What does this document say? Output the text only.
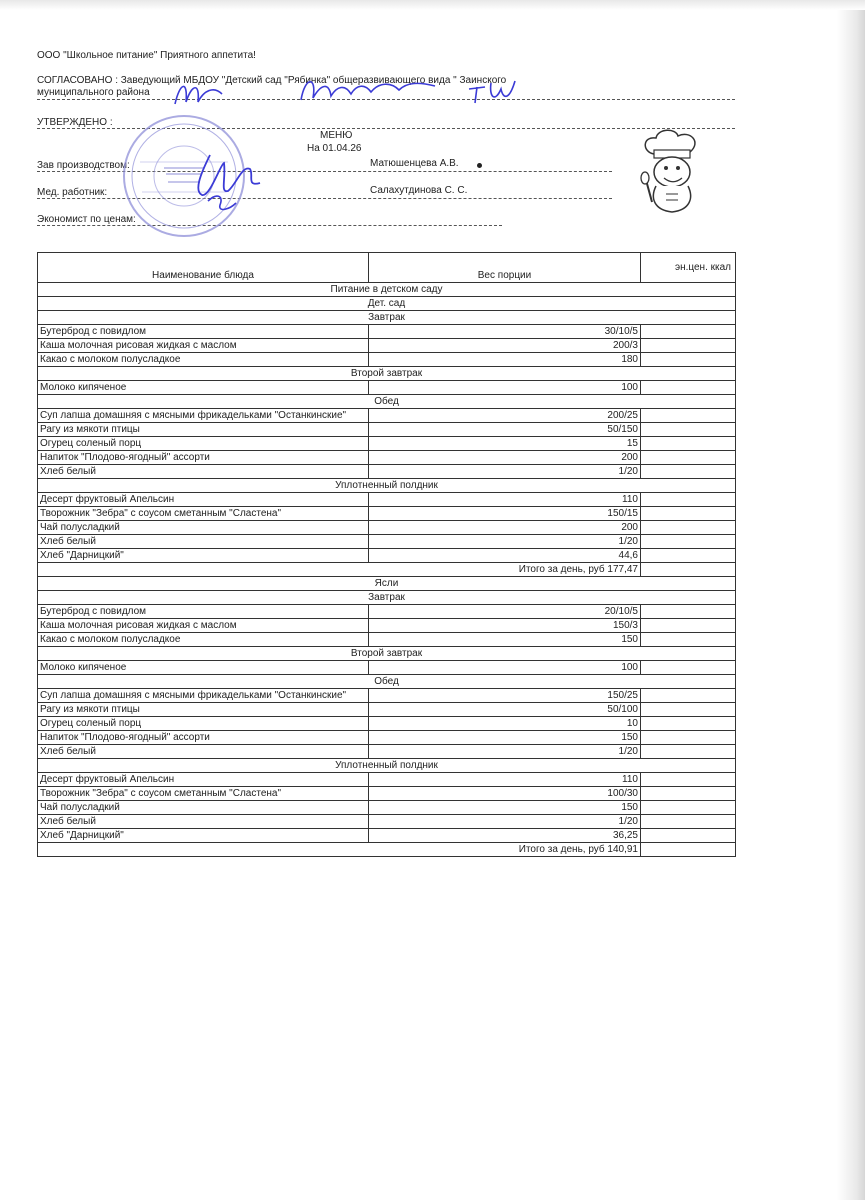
ООО "Школьное питание" Приятного аппетита!
СОГЛАСОВАНО : Заведующий МБДОУ "Детский сад "Рябинка" общеразвивающего вида " Заинского
муниципального района
УТВЕРЖДЕНО :
МЕНЮ
На 01.04.26
Зав производством:	Матюшенцева А.В.
Мед. работник:	Салахутдинова С. С.
Экономист по ценам:
Наименование блюда	Вес порции	эн.цен. ккал
Питание в детском саду		
Дет. сад		
Завтрак		
Бутерброд с повидлом	30/10/5	
Каша молочная рисовая жидкая с маслом	200/3	
Какао с молоком полусладкое	180	
Второй завтрак		
Молоко кипяченое	100	
Обед		
Суп лапша домашняя с мясными фрикадельками "Останкинские"	200/25	
Рагу из мякоти птицы	50/150	
Огурец соленый порц	15	
Напиток "Плодово-ягодный" ассорти	200	
Хлеб белый	1/20	
Уплотненный полдник		
Десерт фруктовый Апельсин	110	
Творожник "Зебра" с соусом сметанным "Сластена"	150/15	
Чай полусладкий	200	
Хлеб белый	1/20	
Хлеб "Дарницкий"	44,6	
Итого за день, руб 177,47		
Ясли		
Завтрак		
Бутерброд с повидлом	20/10/5	
Каша молочная рисовая жидкая с маслом	150/3	
Какао с молоком полусладкое	150	
Второй завтрак		
Молоко кипяченое	100	
Обед		
Суп лапша домашняя с мясными фрикадельками "Останкинские"	150/25	
Рагу из мякоти птицы	50/100	
Огурец соленый порц	10	
Напиток "Плодово-ягодный" ассорти	150	
Хлеб белый	1/20	
Уплотненный полдник		
Десерт фруктовый Апельсин	110	
Творожник "Зебра" с соусом сметанным "Сластена"	100/30	
Чай полусладкий	150	
Хлеб белый	1/20	
Хлеб "Дарницкий"	36,25	
Итого за день, руб 140,91		
